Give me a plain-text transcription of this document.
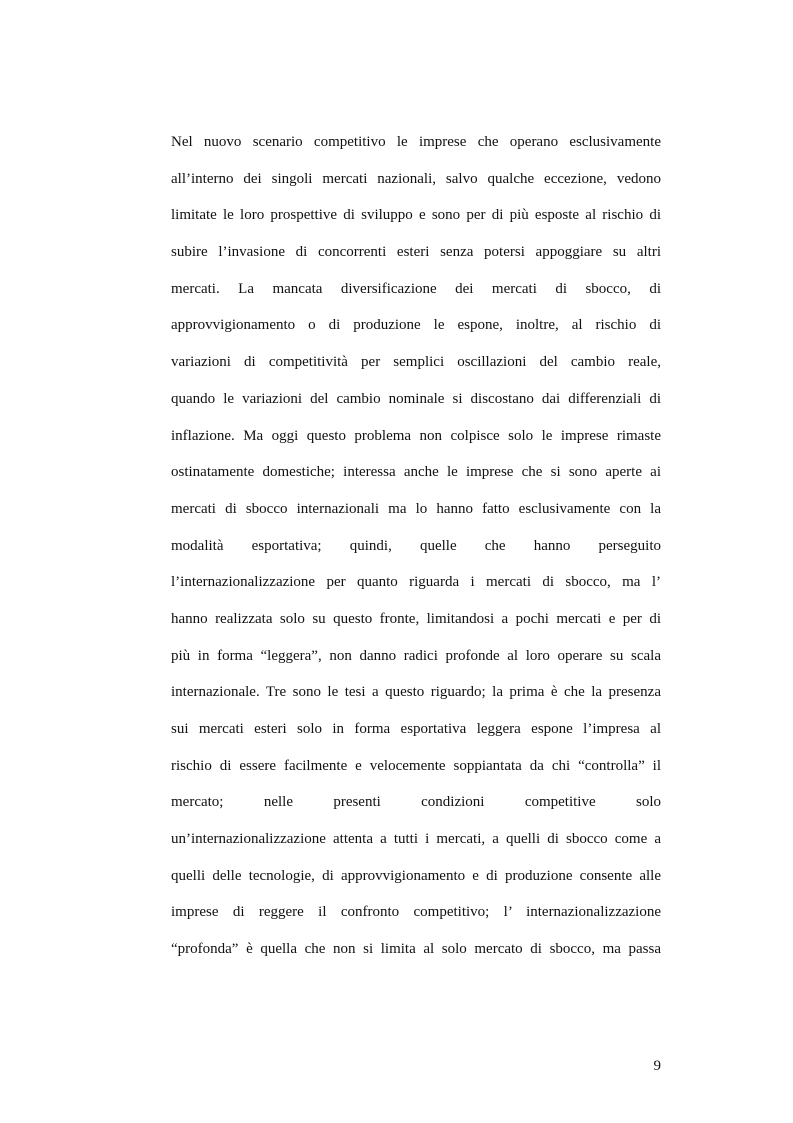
Nel nuovo scenario competitivo le imprese che operano esclusivamente
all’interno dei singoli mercati nazionali, salvo qualche eccezione, vedono
limitate le loro prospettive di sviluppo e sono per di più esposte al rischio di
subire l’invasione di concorrenti esteri senza potersi appoggiare su altri
mercati. La mancata diversificazione dei mercati di sbocco, di
approvvigionamento o di produzione le espone, inoltre, al rischio di
variazioni di competitività per semplici oscillazioni del cambio reale,
quando le variazioni del cambio nominale si discostano dai differenziali di
inflazione. Ma oggi questo problema non colpisce solo le imprese rimaste
ostinatamente domestiche; interessa anche le imprese che si sono aperte ai
mercati di sbocco internazionali ma lo hanno fatto esclusivamente con la
modalità esportativa; quindi, quelle che hanno perseguito
l’internazionalizzazione per quanto riguarda i mercati di sbocco, ma l’
hanno realizzata solo su questo fronte, limitandosi a pochi mercati e per di
più in forma “leggera”, non danno radici profonde al loro operare su scala
internazionale. Tre sono le tesi a questo riguardo; la prima è che la presenza
sui mercati esteri solo in forma esportativa leggera espone l’impresa al
rischio di essere facilmente e velocemente soppiantata da chi “controlla” il
mercato; nelle presenti condizioni competitive solo
un’internazionalizzazione attenta a tutti i mercati, a quelli di sbocco come a
quelli delle tecnologie, di approvvigionamento e di produzione consente alle
imprese di reggere il confronto competitivo; l’ internazionalizzazione
“profonda” è quella che non si limita al solo mercato di sbocco, ma passa
9
